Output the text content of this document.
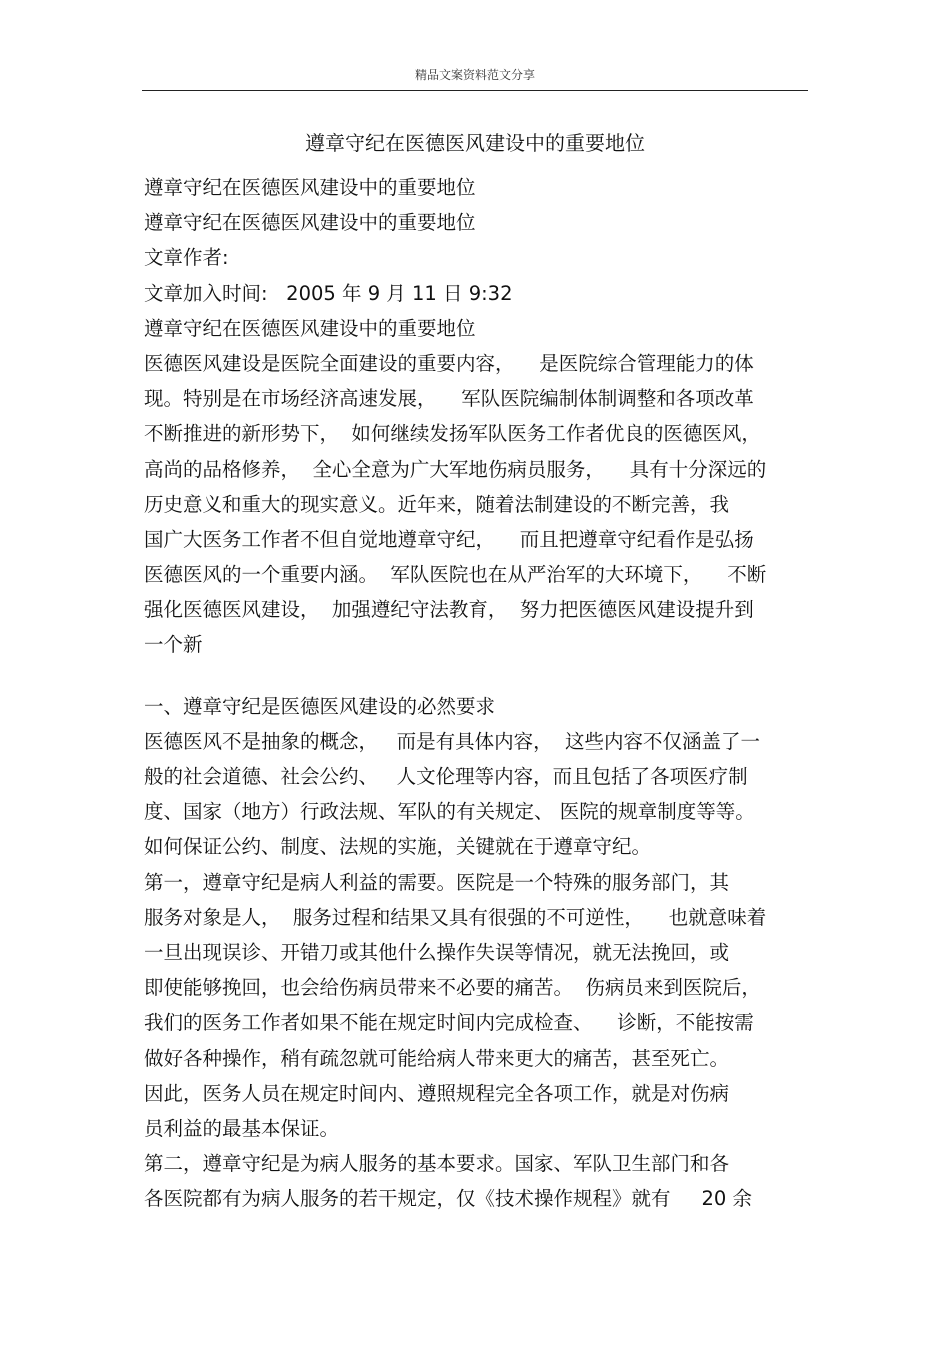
精品文案资料范文分享
遵章守纪在医德医风建设中的重要地位
遵章守纪在医德医风建设中的重要地位
遵章守纪在医德医风建设中的重要地位
文章作者:
文章加入时间:   2005 年 9 月 11 日 9:32
遵章守纪在医德医风建设中的重要地位
医德医风建设是医院全面建设的重要内容，    是医院综合管理能力的体
现。特别是在市场经济高速发展，    军队医院编制体制调整和各项改革
不断推进的新形势下，  如何继续发扬军队医务工作者优良的医德医风，
高尚的品格修养，  全心全意为广大军地伤病员服务，    具有十分深远的
历史意义和重大的现实意义。近年来，随着法制建设的不断完善，我
国广大医务工作者不但自觉地遵章守纪，    而且把遵章守纪看作是弘扬
医德医风的一个重要内涵。  军队医院也在从严治军的大环境下，    不断
强化医德医风建设，  加强遵纪守法教育，  努力把医德医风建设提升到
一个新
一、遵章守纪是医德医风建设的必然要求
医德医风不是抽象的概念，   而是有具体内容，  这些内容不仅涵盖了一
般的社会道德、社会公约、   人文伦理等内容，而且包括了各项医疗制
度、国家（地方）行政法规、军队的有关规定、 医院的规章制度等等。
如何保证公约、制度、法规的实施，关键就在于遵章守纪。
第一，遵章守纪是病人利益的需要。医院是一个特殊的服务部门，其
服务对象是人，  服务过程和结果又具有很强的不可逆性，    也就意味着
一旦出现误诊、开错刀或其他什么操作失误等情况，就无法挽回，或
即使能够挽回，也会给伤病员带来不必要的痛苦。  伤病员来到医院后，
我们的医务工作者如果不能在规定时间内完成检查、    诊断，不能按需
做好各种操作，稍有疏忽就可能给病人带来更大的痛苦，甚至死亡。
因此，医务人员在规定时间内、遵照规程完全各项工作，就是对伤病
员利益的最基本保证。
第二，遵章守纪是为病人服务的基本要求。国家、军队卫生部门和各
各医院都有为病人服务的若干规定，仅《技术操作规程》就有     20 余
